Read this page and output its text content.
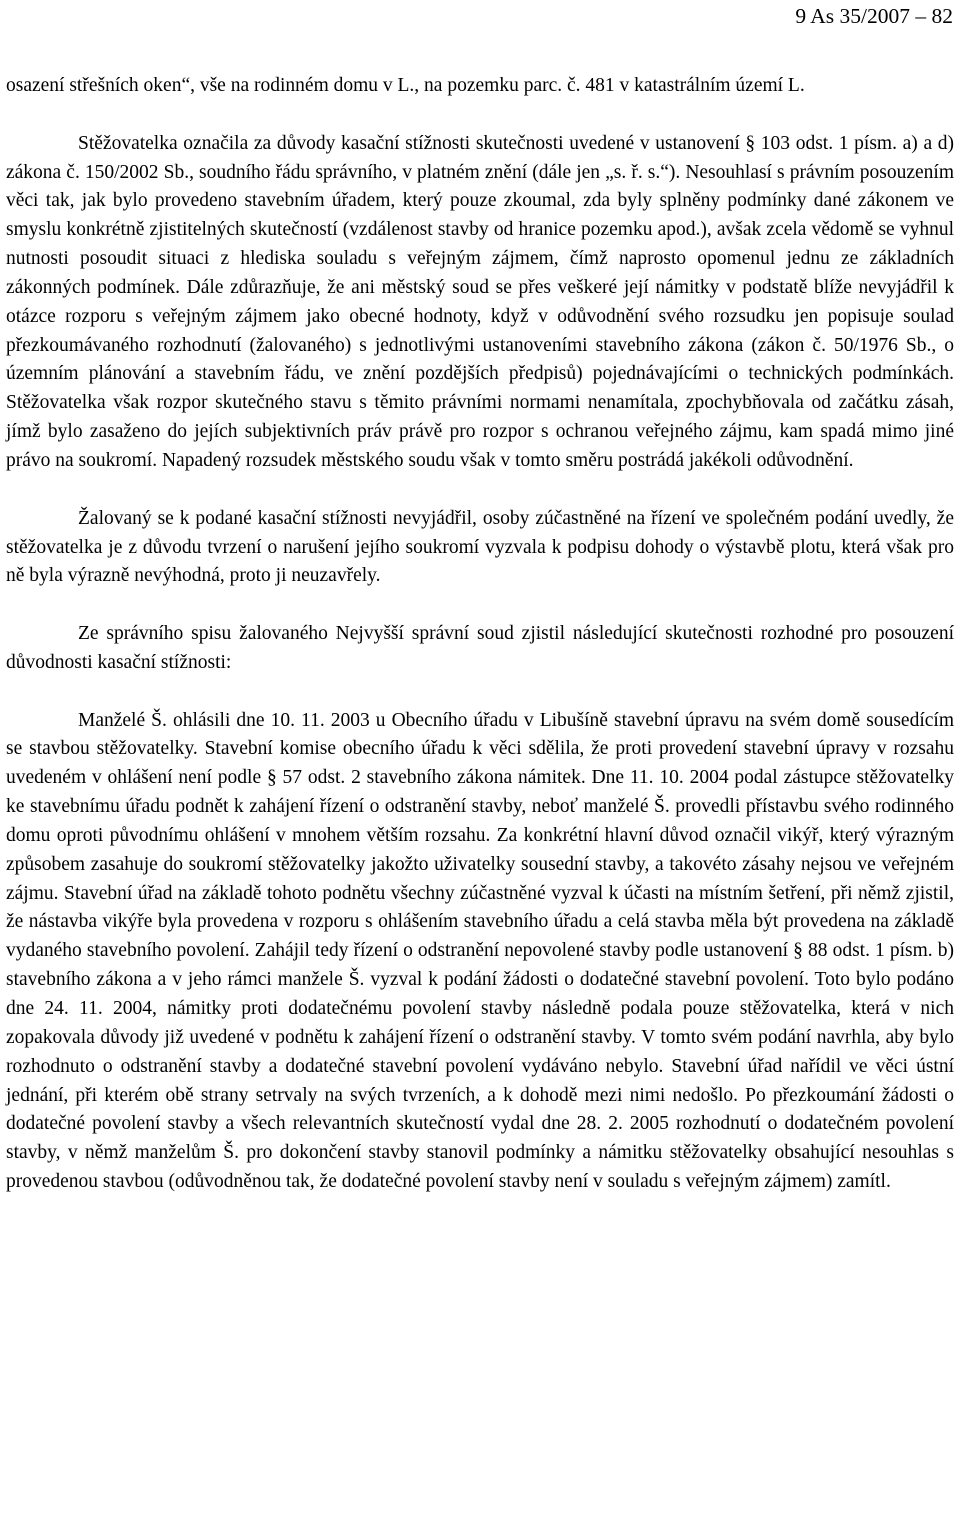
9 As 35/2007 – 82

osazení střešních oken“, vše na rodinném domu v L., na pozemku parc. č. 481 v katastrálním území L.

Stěžovatelka označila za důvody kasační stížnosti skutečnosti uvedené v ustanovení § 103 odst. 1 písm. a) a d) zákona č. 150/2002 Sb., soudního řádu správního, v platném znění (dále jen „s. ř. s.“). Nesouhlasí s právním posouzením věci tak, jak bylo provedeno stavebním úřadem, který pouze zkoumal, zda byly splněny podmínky dané zákonem ve smyslu konkrétně zjistitelných skutečností (vzdálenost stavby od hranice pozemku apod.), avšak zcela vědomě se vyhnul nutnosti posoudit situaci z hlediska souladu s veřejným zájmem, čímž naprosto opomenul jednu ze základních zákonných podmínek. Dále zdůrazňuje, že ani městský soud se přes veškeré její námitky v podstatě blíže nevyjádřil k otázce rozporu s veřejným zájmem jako obecné hodnoty, když v odůvodnění svého rozsudku jen popisuje soulad přezkoumávaného rozhodnutí (žalovaného) s jednotlivými ustanoveními stavebního zákona (zákon č. 50/1976 Sb., o územním plánování a stavebním řádu, ve znění pozdějších předpisů) pojednávajícími o technických podmínkách. Stěžovatelka však rozpor skutečného stavu s těmito právními normami nenamítala, zpochybňovala od začátku zásah, jímž bylo zasaženo do jejích subjektivních práv právě pro rozpor s ochranou veřejného zájmu, kam spadá mimo jiné právo na soukromí. Napadený rozsudek městského soudu však v tomto směru postrádá jakékoli odůvodnění.

Žalovaný se k podané kasační stížnosti nevyjádřil, osoby zúčastněné na řízení ve společném podání uvedly, že stěžovatelka je z důvodu tvrzení o narušení jejího soukromí vyzvala k podpisu dohody o výstavbě plotu, která však pro ně byla výrazně nevýhodná, proto ji neuzavřely.

Ze správního spisu žalovaného Nejvyšší správní soud zjistil následující skutečnosti rozhodné pro posouzení důvodnosti kasační stížnosti:

Manželé Š. ohlásili dne 10. 11. 2003 u Obecního úřadu v Libušíně stavební úpravu na svém domě sousedícím se stavbou stěžovatelky. Stavební komise obecního úřadu k věci sdělila, že proti provedení stavební úpravy v rozsahu uvedeném v ohlášení není podle § 57 odst. 2 stavebního zákona námitek. Dne 11. 10. 2004 podal zástupce stěžovatelky ke stavebnímu úřadu podnět k zahájení řízení o odstranění stavby, neboť manželé Š. provedli přístavbu svého rodinného domu oproti původnímu ohlášení v mnohem větším rozsahu. Za konkrétní hlavní důvod označil vikýř, který výrazným způsobem zasahuje do soukromí stěžovatelky jakožto uživatelky sousední stavby, a takovéto zásahy nejsou ve veřejném zájmu. Stavební úřad na základě tohoto podnětu všechny zúčastněné vyzval k účasti na místním šetření, při němž zjistil, že nástavba vikýře byla provedena v rozporu s ohlášením stavebního úřadu a celá stavba měla být provedena na základě vydaného stavebního povolení. Zahájil tedy řízení o odstranění nepovolené stavby podle ustanovení § 88 odst. 1 písm. b) stavebního zákona a v jeho rámci manžele Š. vyzval k podání žádosti o dodatečné stavební povolení. Toto bylo podáno dne 24. 11. 2004, námitky proti dodatečnému povolení stavby následně podala pouze stěžovatelka, která v nich zopakovala důvody již uvedené v podnětu k zahájení řízení o odstranění stavby. V tomto svém podání navrhla, aby bylo rozhodnuto o odstranění stavby a dodatečné stavební povolení vydáváno nebylo. Stavební úřad nařídil ve věci ústní jednání, při kterém obě strany setrvaly na svých tvrzeních, a k dohodě mezi nimi nedošlo. Po přezkoumání žádosti o dodatečné povolení stavby a všech relevantních skutečností vydal dne 28. 2. 2005 rozhodnutí o dodatečném povolení stavby, v němž manželům Š. pro dokončení stavby stanovil podmínky a námitku stěžovatelky obsahující nesouhlas s provedenou stavbou (odůvodněnou tak, že dodatečné povolení stavby není v souladu s veřejným zájmem) zamítl.
